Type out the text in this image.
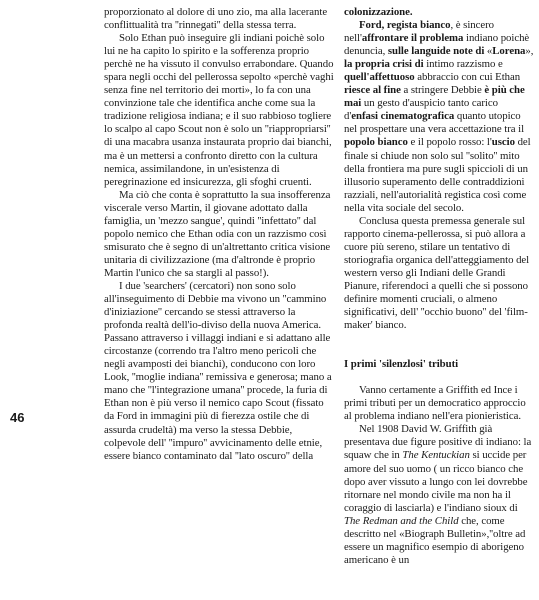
proporzionato al dolore di uno zio, ma alla lacerante conflittualità tra ''rinnegati'' della stessa terra.

Solo Ethan può inseguire gli indiani poichè solo lui ne ha capito lo spirito e la sofferenza proprio perchè ne ha vissuto il convulso errabondare. Quando spara negli occhi del pellerossa sepolto «perchè vaghi senza fine nel territorio dei morti», lo fa con una convinzione tale che identifica anche come sua la tradizione religiosa indiana; e il suo rabbioso togliere lo scalpo al capo Scout non è solo un ''riappropriarsi'' di una macabra usanza instaurata proprio dai bianchi, ma è un mettersi a confronto diretto con la cultura nemica, assimilandone, in un'esistenza di peregrinazione ed insicurezza, gli sfoghi cruenti.

Ma ciò che conta è soprattutto la sua insofferenza viscerale verso Martin, il giovane adottato dalla famiglia, un 'mezzo sangue', quindi ''infettato'' dal popolo nemico che Ethan odia con un razzismo così smisurato che è segno di un'altrettanto critica visione unitaria di civilizzazione (ma d'altronde è proprio Martin l'unico che sa stargli al passo!).

I due 'searchers' (cercatori) non sono solo all'inseguimento di Debbie ma vivono un ''cammino d'iniziazione'' cercando se stessi attraverso la profonda realtà dell'io-diviso della nuova America. Passano attraverso i villaggi indiani e si adattano alle circostanze (correndo tra l'altro meno pericoli che negli avamposti dei bianchi), conducono con loro Look, ''moglie indiana'' remissiva e generosa; mano a mano che ''l'integrazione umana'' procede, la furia di Ethan non è più verso il nemico capo Scout (fissato da Ford in immagini più di fierezza ostile che di assurda crudeltà) ma verso la stessa Debbie, colpevole dell' ''impuro'' avvicinamento delle etnie, essere bianco contaminato dal ''lato oscuro'' della

colonizzazione.

Ford, regista bianco, è sincero nell'affrontare il problema indiano poichè denuncia, sulle languide note di «Lorena», la propria crisi di intimo razzismo e quell'affettuoso abbraccio con cui Ethan riesce al fine a stringere Debbie è più che mai un gesto d'auspicio tanto carico d'enfasi cinematografica quanto utopico nel prospettare una vera accettazione tra il popolo bianco e il popolo rosso: l'uscio del finale si chiude non solo sul ''solito'' mito della frontiera ma pure sugli spiccioli di un illusorio superamento delle contraddizioni razziali, nell'autorialità registica così come nella vita sociale del secolo.

Conclusa questa premessa generale sul rapporto cinema-pellerossa, si può allora a cuore più sereno, stilare un tentativo di storiografia organica dell'atteggiamento del western verso gli Indiani delle Grandi Pianure, riferendoci a quelli che si possono definire momenti cruciali, o almeno significativi, dell' ''occhio buono'' del 'film-maker' bianco.

I primi 'silenzlosi' tributi

Vanno certamente a Griffith ed Ince i primi tributi per un democratico approccio al problema indiano nell'era pionieristica.

Nel 1908 David W. Griffith già presentava due figure positive di indiano: la squaw che in The Kentuckian si uccide per amore del suo uomo ( un ricco bianco che dopo aver vissuto a lungo con lei dovrebbe ritornare nel mondo civile ma non ha il coraggio di lasciarla) e l'indiano sioux di The Redman and the Child che, come descritto nel «Biograph Bulletin»,''oltre ad essere un magnifico esempio di aborigeno americano è un

46
